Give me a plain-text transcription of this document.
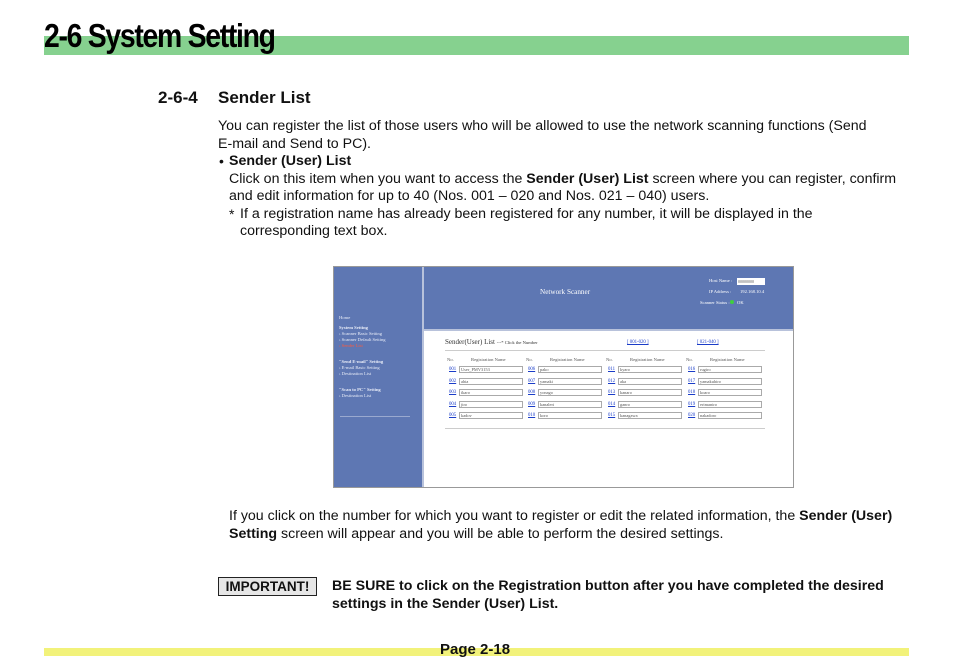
2-6 System Setting
2-6-4 Sender List
You can register the list of those users who will be allowed to use the network scanning functions (Send
E-mail and Send to PC).
• Sender (User) List
Click on this item when you want to access the Sender (User) List screen where you can register, confirm
and edit information for up to 40 (Nos. 001 – 020 and Nos. 021 – 040) users.
* If a registration name has already been registered for any number, it will be displayed in the
corresponding text box.
Home
System Setting
› Scanner Basic Setting
› Scanner Default Setting
› Sender List
"Send E-mail" Setting
› E-mail Basic Setting
› Destination List
"Scan to PC" Setting
› Destination List
Network Scanner
Host Name : 00000000
IP Address : 192.168.10.4
Scanner Status : OK
Sender(User) List ---* Click the Number	[ 001-020 ]	[ 021-040 ]
No.	Registration Name
001	User_PMV3153
002	ahia
003	ikaro
004	jiro
005	kadov
No.	Registration Name
006	pako
007	yamaki
008	yonago
009	kanaleri
010	koro
No.	Registration Name
011	kyaro
012	aka
013	kanaro
014	ganro
015	kanagawa
No.	Registration Name
016	rugiro
017	yamakuhiro
018	koaro
019	erimaniro
020	nakadoro
If you click on the number for which you want to register or edit the related information, the Sender (User)
Setting screen will appear and you will be able to perform the desired settings.
IMPORTANT!	BE SURE to click on the Registration button after you have completed the desired
settings in the Sender (User) List.
Page 2-18
